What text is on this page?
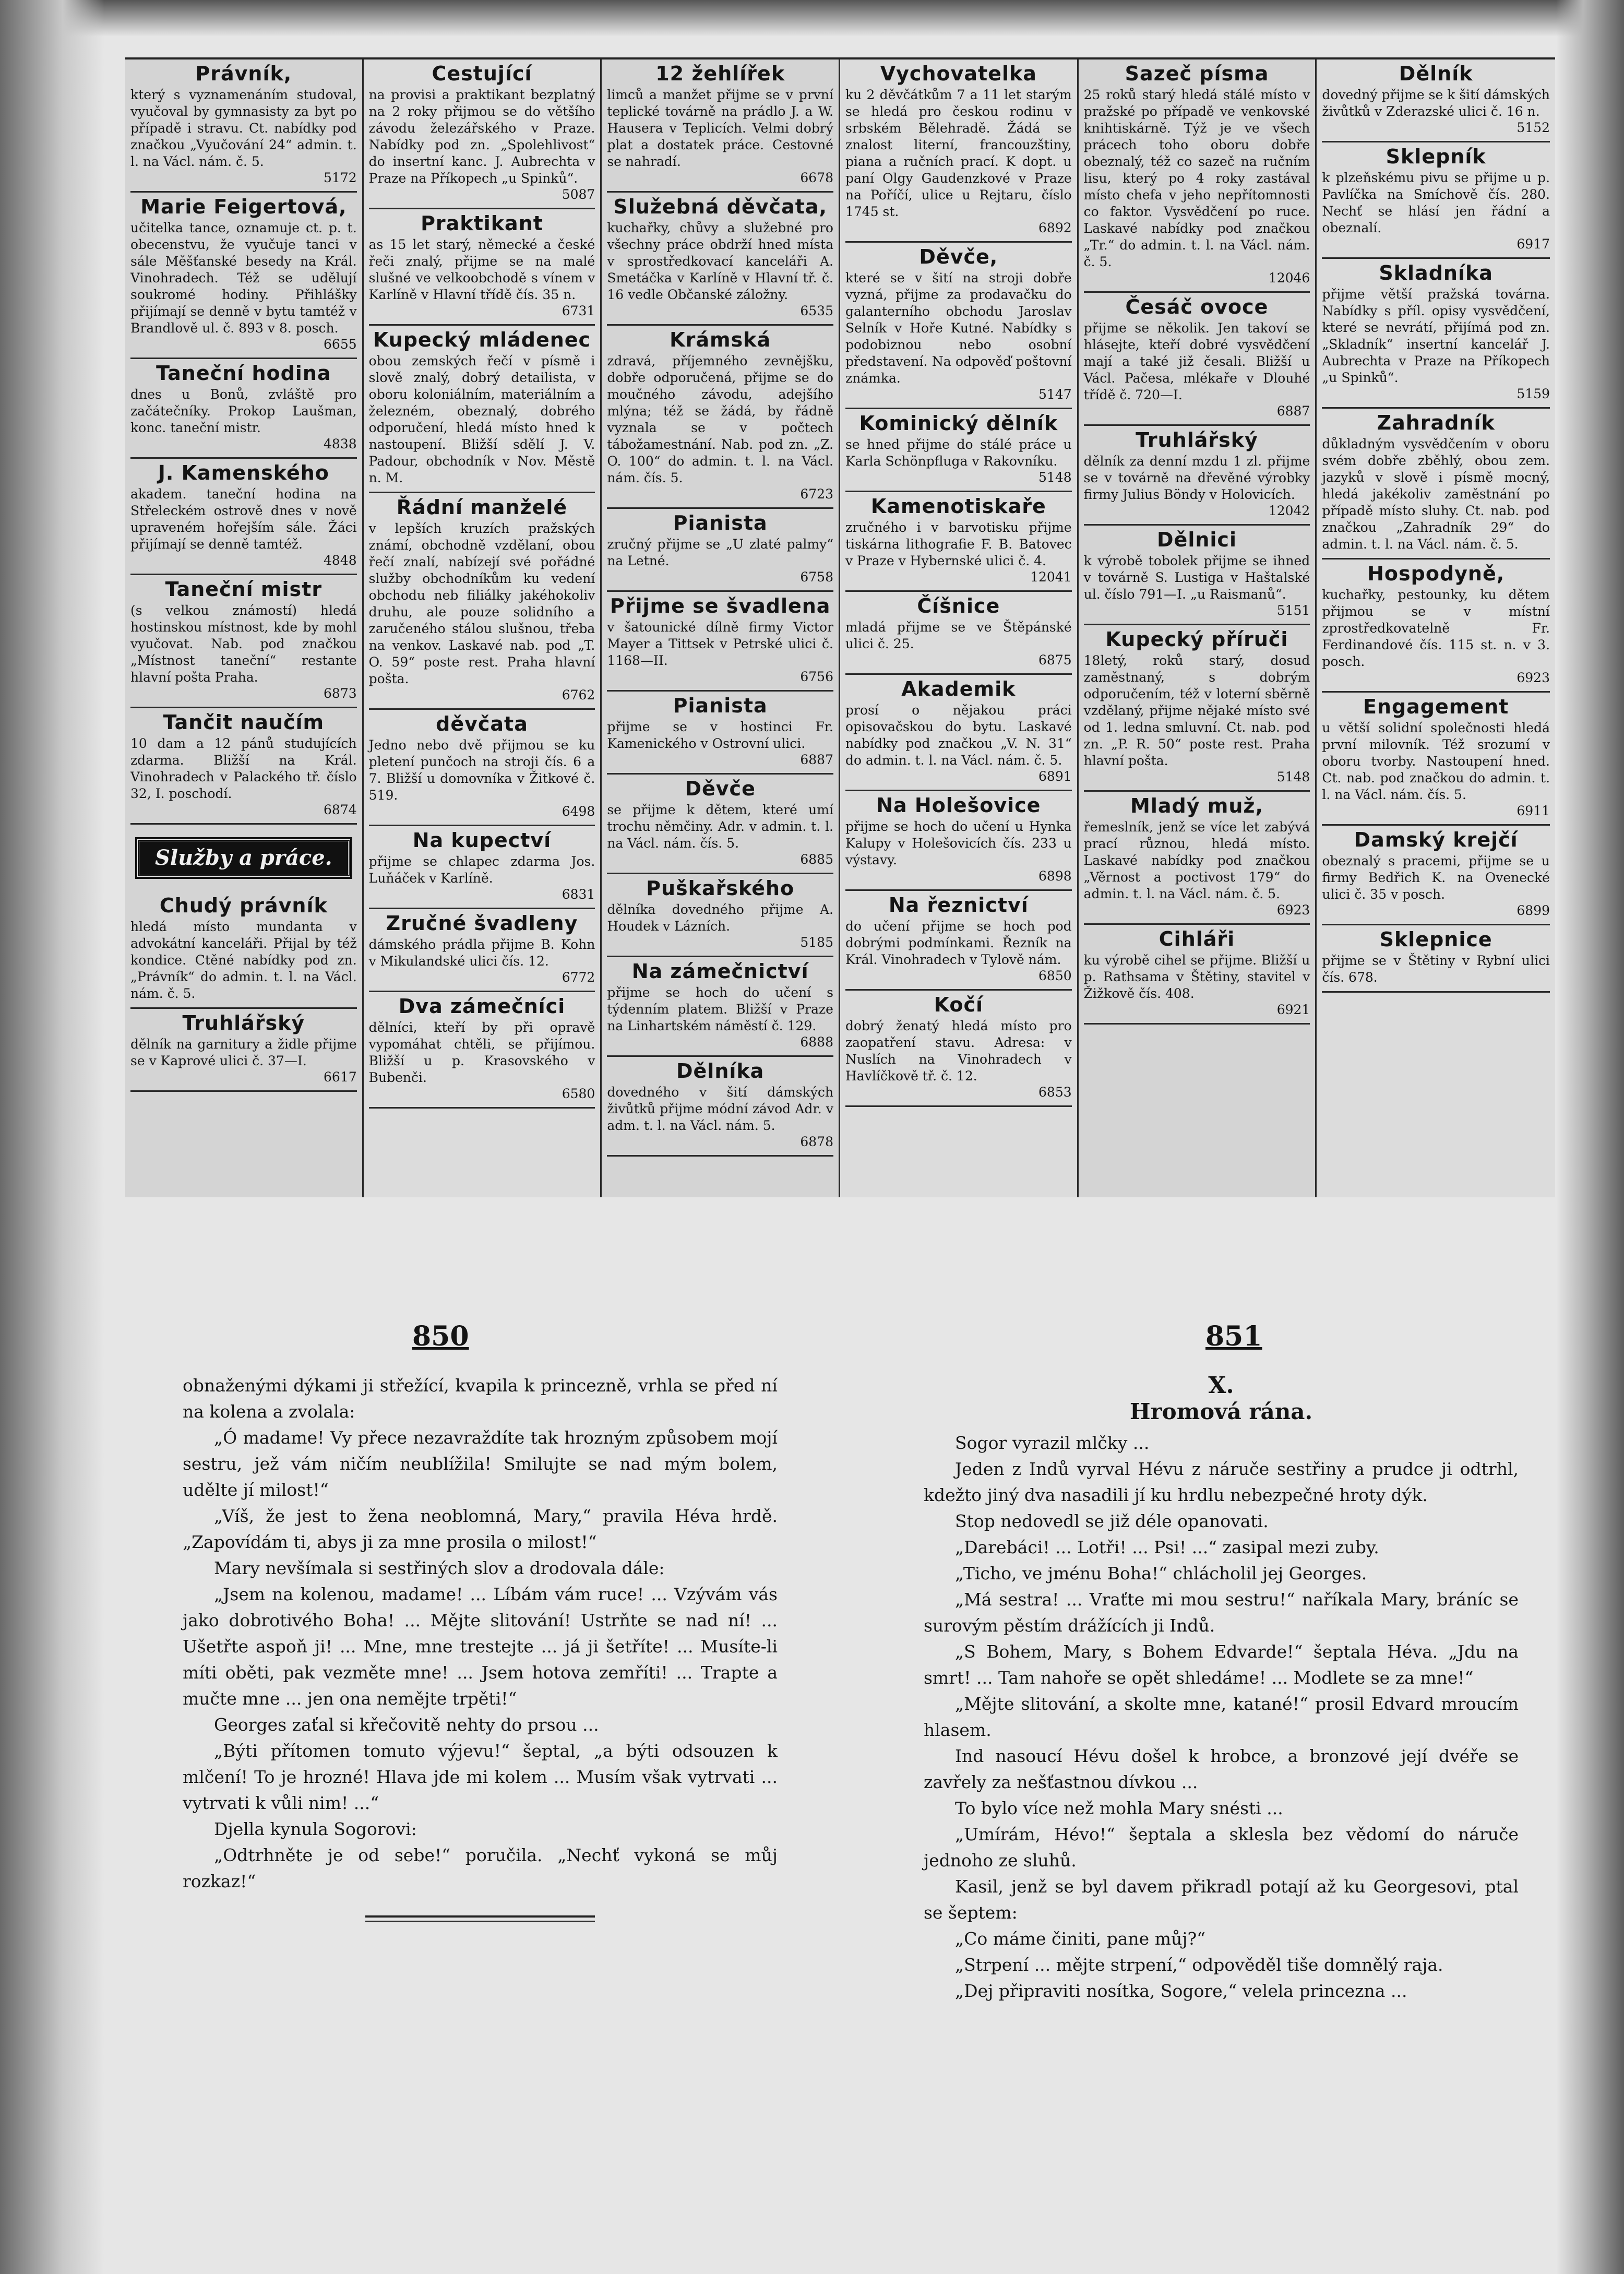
Právník,

který s vyznamenáním studoval, vyučoval by gymnasisty za byt po případě i stravu. Ct. nabídky pod značkou „Vyučování 24“ admin. t. l. na Václ. nám. č. 5.

5172
Marie Feigertová,

učitelka tance, oznamuje ct. p. t. obecenstvu, že vyučuje tanci v sále Měšťanské besedy na Král. Vinohradech. Též se udělují soukromé hodiny. Přihlášky přijímají se denně v bytu tamtéž v Brandlově ul. č. 893 v 8. posch.

6655
Taneční hodina

dnes u Bonů, zvláště pro začátečníky. Prokop Laušman, konc. taneční mistr.

4838
J. Kamenského

akadem. taneční hodina na Střeleckém ostrově dnes v nově upraveném hořejším sále. Žáci přijímají se denně tamtéž.

4848
Taneční mistr

(s velkou známostí) hledá hostinskou místnost, kde by mohl vyučovat. Nab. pod značkou „Místnost taneční“ restante hlavní pošta Praha.

6873
Tančit naučím

10 dam a 12 pánů studujících zdarma. Bližší na Král. Vinohradech v Palackého tř. číslo 32, I. poschodí.

6874
Služby a práce.
Chudý právník

hledá místo mundanta v advokátní kanceláři. Přijal by též kondice. Ctěné nabídky pod zn. „Právník“ do admin. t. l. na Václ. nám. č. 5.

Truhlářský

dělník na garnitury a židle přijme se v Kaprové ulici č. 37—I.

6617
Cestující

na provisi a praktikant bezplatný na 2 roky přijmou se do většího závodu železářského v Praze. Nabídky pod zn. „Spolehlivost“ do insertní kanc. J. Aubrechta v Praze na Příkopech „u Spinků“.

5087
Praktikant

as 15 let starý, německé a české řeči znalý, přijme se na malé slušné ve velkoobchodě s vínem v Karlíně v Hlavní třídě čís. 35 n.

6731
Kupecký mládenec

obou zemských řečí v písmě i slově znalý, dobrý detailista, v oboru koloniálním, materiálním a železném, obeznalý, dobrého odporučení, hledá místo hned k nastoupení. Bližší sdělí J. V. Padour, obchodník v Nov. Městě n. M.

Řádní manželé

v lepších kruzích pražských známí, obchodně vzdělaní, obou řečí znalí, nabízejí své pořádné služby obchodníkům ku vedení obchodu neb filiálky jakéhokoliv druhu, ale pouze solidního a zaručeného stálou slušnou, třeba na venkov. Laskavé nab. pod „T. O. 59“ poste rest. Praha hlavní pošta.

6762
děvčata

Jedno nebo dvě přijmou se ku pletení punčoch na stroji čís. 6 a 7. Bližší u domovníka v Žitkové č. 519.

6498
Na kupectví

přijme se chlapec zdarma Jos. Luňáček v Karlíně.

6831
Zručné švadleny

dámského prádla přijme B. Kohn v Mikulandské ulici čís. 12.

6772
Dva zámečníci

dělníci, kteří by při opravě vypomáhat chtěli, se přijímou. Bližší u p. Krasovského v Bubenči.

6580
12 žehlířek

limců a manžet přijme se v první teplické továrně na prádlo J. a W. Hausera v Teplicích. Velmi dobrý plat a dostatek práce. Cestovné se nahradí.

6678
Služebná děvčata,

kuchařky, chůvy a služebné pro všechny práce obdrží hned místa v sprostředkovací kanceláři A. Smetáčka v Karlíně v Hlavní tř. č. 16 vedle Občanské záložny.

6535
Krámská

zdravá, příjemného zevnějšku, dobře odporučená, přijme se do moučného závodu, adejšího mlýna; též se žádá, by řádně vyznala se v počtech tábožamestnání. Nab. pod zn. „Z. O. 100“ do admin. t. l. na Václ. nám. čís. 5.

6723
Pianista

zručný přijme se „U zlaté palmy“ na Letné.

6758
Přijme se švadlena

v šatounické dílně firmy Victor Mayer a Tittsek v Petrské ulici č. 1168—II.

6756
Pianista

přijme se v hostinci Fr. Kamenického v Ostrovní ulici.

6887
Děvče

se přijme k dětem, které umí trochu němčiny. Adr. v admin. t. l. na Václ. nám. čís. 5.

6885
Puškařského

dělníka dovedného přijme A. Houdek v Lázních.

5185
Na zámečnictví

přijme se hoch do učení s týdenním platem. Bližší v Praze na Linhartském náměstí č. 129.

6888
Dělníka

dovedného v šití dámských živůtků přijme módní závod Adr. v adm. t. l. na Václ. nám. 5.

6878
Vychovatelka

ku 2 děvčátkům 7 a 11 let starým se hledá pro českou rodinu v srbském Bělehradě. Žádá se znalost literní, francouzštiny, piana a ručních prací. K dopt. u paní Olgy Gaudenzkové v Praze na Poříčí, ulice u Rejtaru, číslo 1745 st.

6892
Děvče,

které se v šití na stroji dobře vyzná, přijme za prodavačku do galanterního obchodu Jaroslav Selník v Hoře Kutné. Nabídky s podobiznou nebo osobní představení. Na odpověď poštovní známka.

5147
Kominický dělník

se hned přijme do stálé práce u Karla Schönpfluga v Rakovníku.

5148
Kamenotiskaře

zručného i v barvotisku přijme tiskárna lithografie F. B. Batovec v Praze v Hybernské ulici č. 4.

12041
Číšnice

mladá přijme se ve Štěpánské ulici č. 25.

6875
Akademik

prosí o nějakou práci opisovačskou do bytu. Laskavé nabídky pod značkou „V. N. 31“ do admin. t. l. na Václ. nám. č. 5.

6891
Na Holešovice

přijme se hoch do učení u Hynka Kalupy v Holešovicích čís. 233 u výstavy.

6898
Na řeznictví

do učení přijme se hoch pod dobrými podmínkami. Řezník na Král. Vinohradech v Tylově nám.

6850
Kočí

dobrý ženatý hledá místo pro zaopatření stavu. Adresa: v Nuslích na Vinohradech v Havlíčkově tř. č. 12.

6853
Sazeč písma

25 roků starý hledá stálé místo v pražské po případě ve venkovské knihtiskárně. Týž je ve všech prácech toho oboru dobře obeznalý, též co sazeč na ručním lisu, který po 4 roky zastával místo chefa v jeho nepřítomnosti co faktor. Vysvědčení po ruce. Laskavé nabídky pod značkou „Tr.“ do admin. t. l. na Václ. nám. č. 5.

12046
Česáč ovoce

přijme se několik. Jen takoví se hlásejte, kteří dobré vysvědčení mají a také již česali. Bližší u Václ. Pačesa, mlékaře v Dlouhé třídě č. 720—I.

6887
Truhlářský

dělník za denní mzdu 1 zl. přijme se v továrně na dřevěné výrobky firmy Julius Böndy v Holovicích.

12042
Dělnici

k výrobě tobolek přijme se ihned v továrně S. Lustiga v Haštalské ul. číslo 791—I. „u Raismanů“.

5151
Kupecký příruči

18letý, roků starý, dosud zaměstnaný, s dobrým odporučením, též v loterní sběrně vzdělaný, přijme nějaké místo své od 1. ledna smluvní. Ct. nab. pod zn. „P. R. 50“ poste rest. Praha hlavní pošta.

5148
Mladý muž,

řemeslník, jenž se více let zabývá prací různou, hledá místo. Laskavé nabídky pod značkou „Věrnost a poctivost 179“ do admin. t. l. na Václ. nám. č. 5.

6923
Cihláři

ku výrobě cihel se přijme. Bližší u p. Rathsama v Štětiny, stavitel v Žižkově čís. 408.

6921
Dělník

dovedný přijme se k šití dámských živůtků v Zderazské ulici č. 16 n.

5152
Sklepník

k plzeňskému pivu se přijme u p. Pavlíčka na Smíchově čís. 280. Nechť se hlásí jen řádní a obeznalí.

6917
Skladníka

přijme větší pražská továrna. Nabídky s příl. opisy vysvědčení, které se nevrátí, přijímá pod zn. „Skladník“ insertní kancelář J. Aubrechta v Praze na Příkopech „u Spinků“.

5159
Zahradník

důkladným vysvědčením v oboru svém dobře zběhlý, obou zem. jazyků v slově i písmě mocný, hledá jakékoliv zaměstnání po případě místo sluhy. Ct. nab. pod značkou „Zahradník 29“ do admin. t. l. na Václ. nám. č. 5.

Hospodyně,

kuchařky, pestounky, ku dětem přijmou se v místní zprostředkovatelně Fr. Ferdinandové čís. 115 st. n. v 3. posch.

6923
Engagement

u větší solidní společnosti hledá první milovník. Též srozumí v oboru tvorby. Nastoupení hned. Ct. nab. pod značkou do admin. t. l. na Václ. nám. čís. 5.

6911
Damský krejčí

obeznalý s pracemi, přijme se u firmy Bedřich K. na Ovenecké ulici č. 35 v posch.

6899
Sklepnice

přijme se v Štětiny v Rybní ulici čís. 678.

850	851

obnaženými dýkami ji střežící, kvapila k princezně, vrhla se před ní na kolena a zvolala:

„Ó madame! Vy přece nezavraždíte tak hrozným způsobem mojí sestru, jež vám ničím neublížila! Smilujte se nad mým bolem, udělte jí milost!“

„Víš, že jest to žena neoblomná, Mary,“ pravila Héva hrdě. „Zapovídám ti, abys ji za mne prosila o milost!“

Mary nevšímala si sestřiných slov a drodovala dále:

„Jsem na kolenou, madame! ... Líbám vám ruce! ... Vzývám vás jako dobrotivého Boha! ... Mějte slitování! Ustrňte se nad ní! ... Ušetřte aspoň ji! ... Mne, mne trestejte ... já ji šetříte! ... Musíte-li míti oběti, pak vezměte mne! ... Jsem hotova zemříti! ... Trapte a mučte mne ... jen ona nemějte trpěti!“

Georges zaťal si křečovitě nehty do prsou ...

„Býti přítomen tomuto výjevu!“ šeptal, „a býti odsouzen k mlčení! To je hrozné! Hlava jde mi kolem ... Musím však vytrvati ... vytrvati k vůli nim! ...“

Djella kynula Sogorovi:

„Odtrhněte je od sebe!“ poručila. „Nechť vykoná se můj rozkaz!“

X.
Hromová rána.

Sogor vyrazil mlčky ...

Jeden z Indů vyrval Hévu z náruče sestřiny a prudce ji odtrhl, kdežto jiný dva nasadili jí ku hrdlu nebezpečné hroty dýk.

Stop nedovedl se již déle opanovati.

„Darebáci! ... Lotři! ... Psi! ...“ zasipal mezi zuby.

„Ticho, ve jménu Boha!“ chlácholil jej Georges.

„Má sestra! ... Vraťte mi mou sestru!“ naříkala Mary, bráníc se surovým pěstím drážících ji Indů.

„S Bohem, Mary, s Bohem Edvarde!“ šeptala Héva. „Jdu na smrt! ... Tam nahoře se opět shledáme! ... Modlete se za mne!“

„Mějte slitování, a skolte mne, katané!“ prosil Edvard mroucím hlasem.

Ind nasoucí Hévu došel k hrobce, a bronzové její dvéře se zavřely za nešťastnou dívkou ...

To bylo více než mohla Mary snésti ...

„Umírám, Hévo!“ šeptala a sklesla bez vědomí do náruče jednoho ze sluhů.

Kasil, jenž se byl davem přikradl potají až ku Georgesovi, ptal se šeptem:

„Co máme činiti, pane můj?“

„Strpení ... mějte strpení,“ odpověděl tiše domnělý raja.

„Dej připraviti nosítka, Sogore,“ velela princezna ...
